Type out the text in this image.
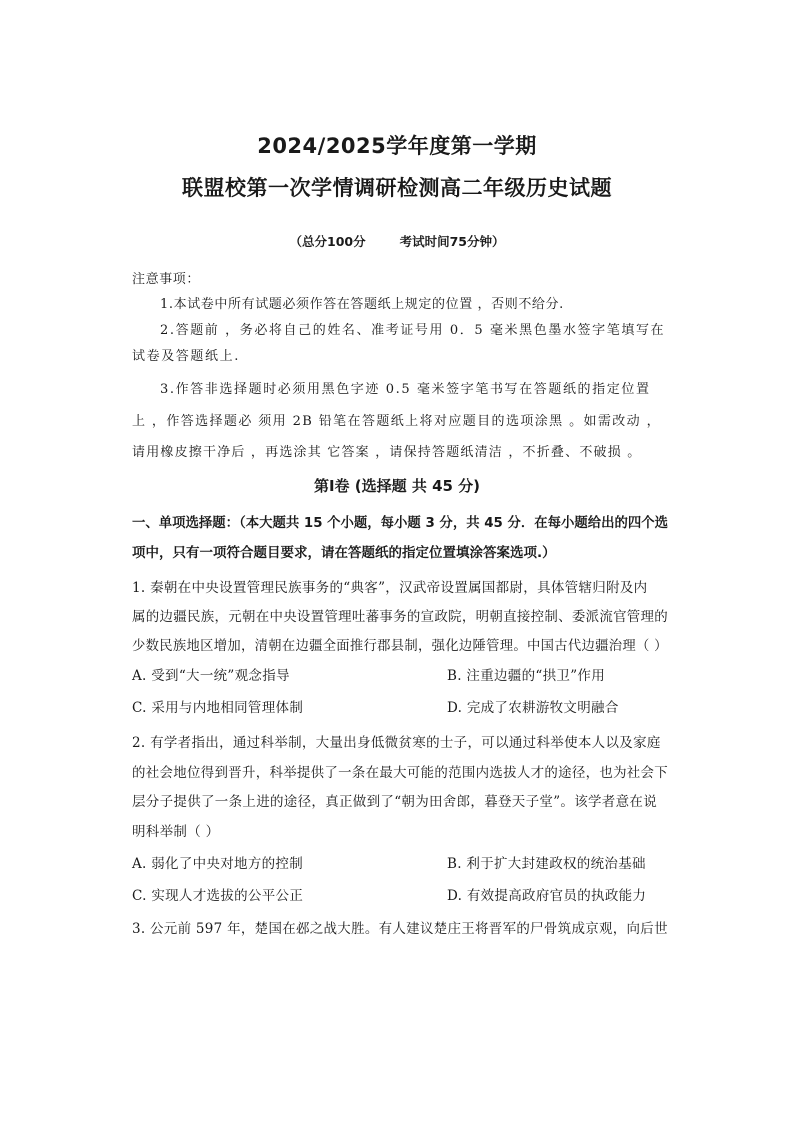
2024/2025学年度第一学期
联盟校第一次学情调研检测高二年级历史试题
（总分100分	考试时间75分钟）
注意事项：
1.本试卷中所有试题必须作答在答题纸上规定的位置 ，否则不给分.
2.答题前 ，务必将自己的姓名、准考证号用 0．5 毫米黑色墨水签字笔填写在
试卷及答题纸上.
3.作答非选择题时必须用黑色字迹 0.5 毫米签字笔书写在答题纸的指定位置
上 ，作答选择题必 须用 2B 铅笔在答题纸上将对应题目的选项涂黑 。如需改动 ，
请用橡皮擦干净后 ，再选涂其 它答案 ，请保持答题纸清洁 ，不折叠、不破损 。
第Ⅰ卷 (选择题 共 45 分)
一、单项选择题：（本大题共 15 个小题，每小题 3 分，共 45 分．在每小题给出的四个选
项中，只有一项符合题目要求，请在答题纸的指定位置填涂答案选项.）
1. 秦朝在中央设置管理民族事务的“典客”，汉武帝设置属国都尉，具体管辖归附及内
属的边疆民族，元朝在中央设置管理吐蕃事务的宣政院，明朝直接控制、委派流官管理的
少数民族地区增加，清朝在边疆全面推行郡县制，强化边陲管理。中国古代边疆治理（ ）
A. 受到“大一统”观念指导	B. 注重边疆的“拱卫”作用
C. 采用与内地相同管理体制	D. 完成了农耕游牧文明融合
2. 有学者指出，通过科举制，大量出身低微贫寒的士子，可以通过科举使本人以及家庭
的社会地位得到晋升，科举提供了一条在最大可能的范围内选拔人才的途径，也为社会下
层分子提供了一条上进的途径，真正做到了“朝为田舍郎，暮登天子堂”。该学者意在说
明科举制（ ）
A. 弱化了中央对地方的控制	B. 利于扩大封建政权的统治基础
C. 实现人才选拔的公平公正	D. 有效提高政府官员的执政能力
3. 公元前 597 年，楚国在邲之战大胜。有人建议楚庄王将晋军的尸骨筑成京观，向后世
